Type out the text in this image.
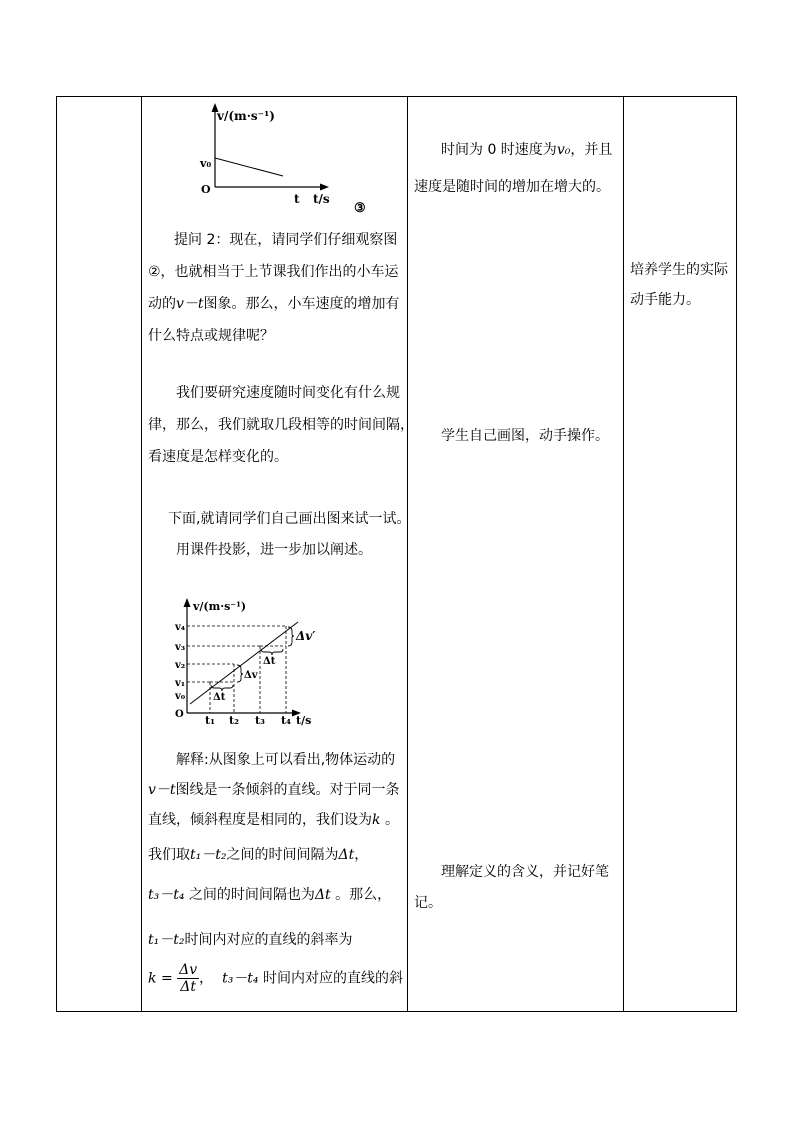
v/(m·s⁻¹)
v₀
O
t t/s
③
提问 2：现在，请同学们仔细观察图
②，也就相当于上节课我们作出的小车运
动的v－t图象。那么，小车速度的增加有
什么特点或规律呢？
我们要研究速度随时间变化有什么规
律，那么，我们就取几段相等的时间间隔，
看速度是怎样变化的。
下面,就请同学们自己画出图来试一试。
用课件投影，进一步加以阐述。
v/(m·s⁻¹)
v₄
v₃
v₂
v₁
v₀
O
Δv
Δv′
Δt
Δt
t₁ t₂ t₃ t₄ t/s
解释:从图象上可以看出,物体运动的
v－t图线是一条倾斜的直线。对于同一条
直线，倾斜程度是相同的，我们设为k 。
我们取t₁－t₂之间的时间间隔为Δt，
t₃－t₄ 之间的时间间隔也为Δt 。那么，
t₁－t₂时间内对应的直线的斜率为
$k = \frac{\Delta v}{\Delta t}$ ， t₃－t₄ 时间内对应的直线的斜
时间为 0 时速度为v₀，并且
速度是随时间的增加在增大的。
学生自己画图，动手操作。
理解定义的含义，并记好笔
记。
培养学生的实际
动手能力。
